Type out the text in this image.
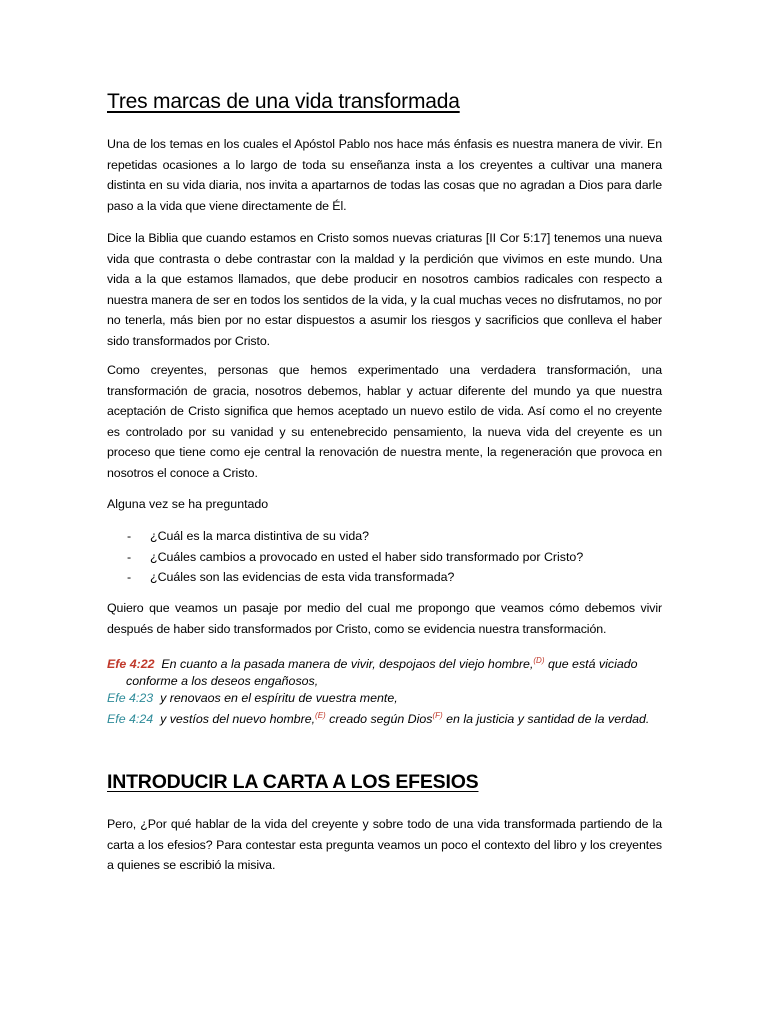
Tres marcas de una vida transformada

Una de los temas en los cuales el Apóstol Pablo nos hace más énfasis es nuestra manera de vivir. En repetidas ocasiones a lo largo de toda su enseñanza insta a los creyentes a cultivar una manera distinta en su vida diaria, nos invita a apartarnos de todas las cosas que no agradan a Dios para darle paso a la vida que viene directamente de Él.

Dice la Biblia que cuando estamos en Cristo somos nuevas criaturas [II Cor 5:17] tenemos una nueva vida que contrasta o debe contrastar con la maldad y la perdición que vivimos en este mundo. Una vida a la que estamos llamados, que debe producir en nosotros cambios radicales con respecto a nuestra manera de ser en todos los sentidos de la vida, y la cual muchas veces no disfrutamos, no por no tenerla, más bien por no estar dispuestos a asumir los riesgos y sacrificios que conlleva el haber sido transformados por Cristo.

Como creyentes, personas que hemos experimentado una verdadera transformación, una transformación de gracia, nosotros debemos, hablar y actuar diferente del mundo ya que nuestra aceptación de Cristo significa que hemos aceptado un nuevo estilo de vida. Así como el no creyente es controlado por su vanidad y su entenebrecido pensamiento, la nueva vida del creyente es un proceso que tiene como eje central la renovación de nuestra mente, la regeneración que provoca en nosotros el conoce a Cristo.

Alguna vez se ha preguntado

- ¿Cuál es la marca distintiva de su vida?
- ¿Cuáles cambios a provocado en usted el haber sido transformado por Cristo?
- ¿Cuáles son las evidencias de esta vida transformada?

Quiero que veamos un pasaje por medio del cual me propongo que veamos cómo debemos vivir después de haber sido transformados por Cristo, como se evidencia nuestra transformación.

Efe 4:22 En cuanto a la pasada manera de vivir, despojaos del viejo hombre,$^{(D)}$ que está viciado conforme a los deseos engañosos,

Efe 4:23 y renovaos en el espíritu de vuestra mente,

Efe 4:24 y vestíos del nuevo hombre,$^{(E)}$ creado según Dios$^{(F)}$ en la justicia y santidad de la verdad.

INTRODUCIR LA CARTA A LOS EFESIOS

Pero, ¿Por qué hablar de la vida del creyente y sobre todo de una vida transformada partiendo de la carta a los efesios? Para contestar esta pregunta veamos un poco el contexto del libro y los creyentes a quienes se escribió la misiva.
